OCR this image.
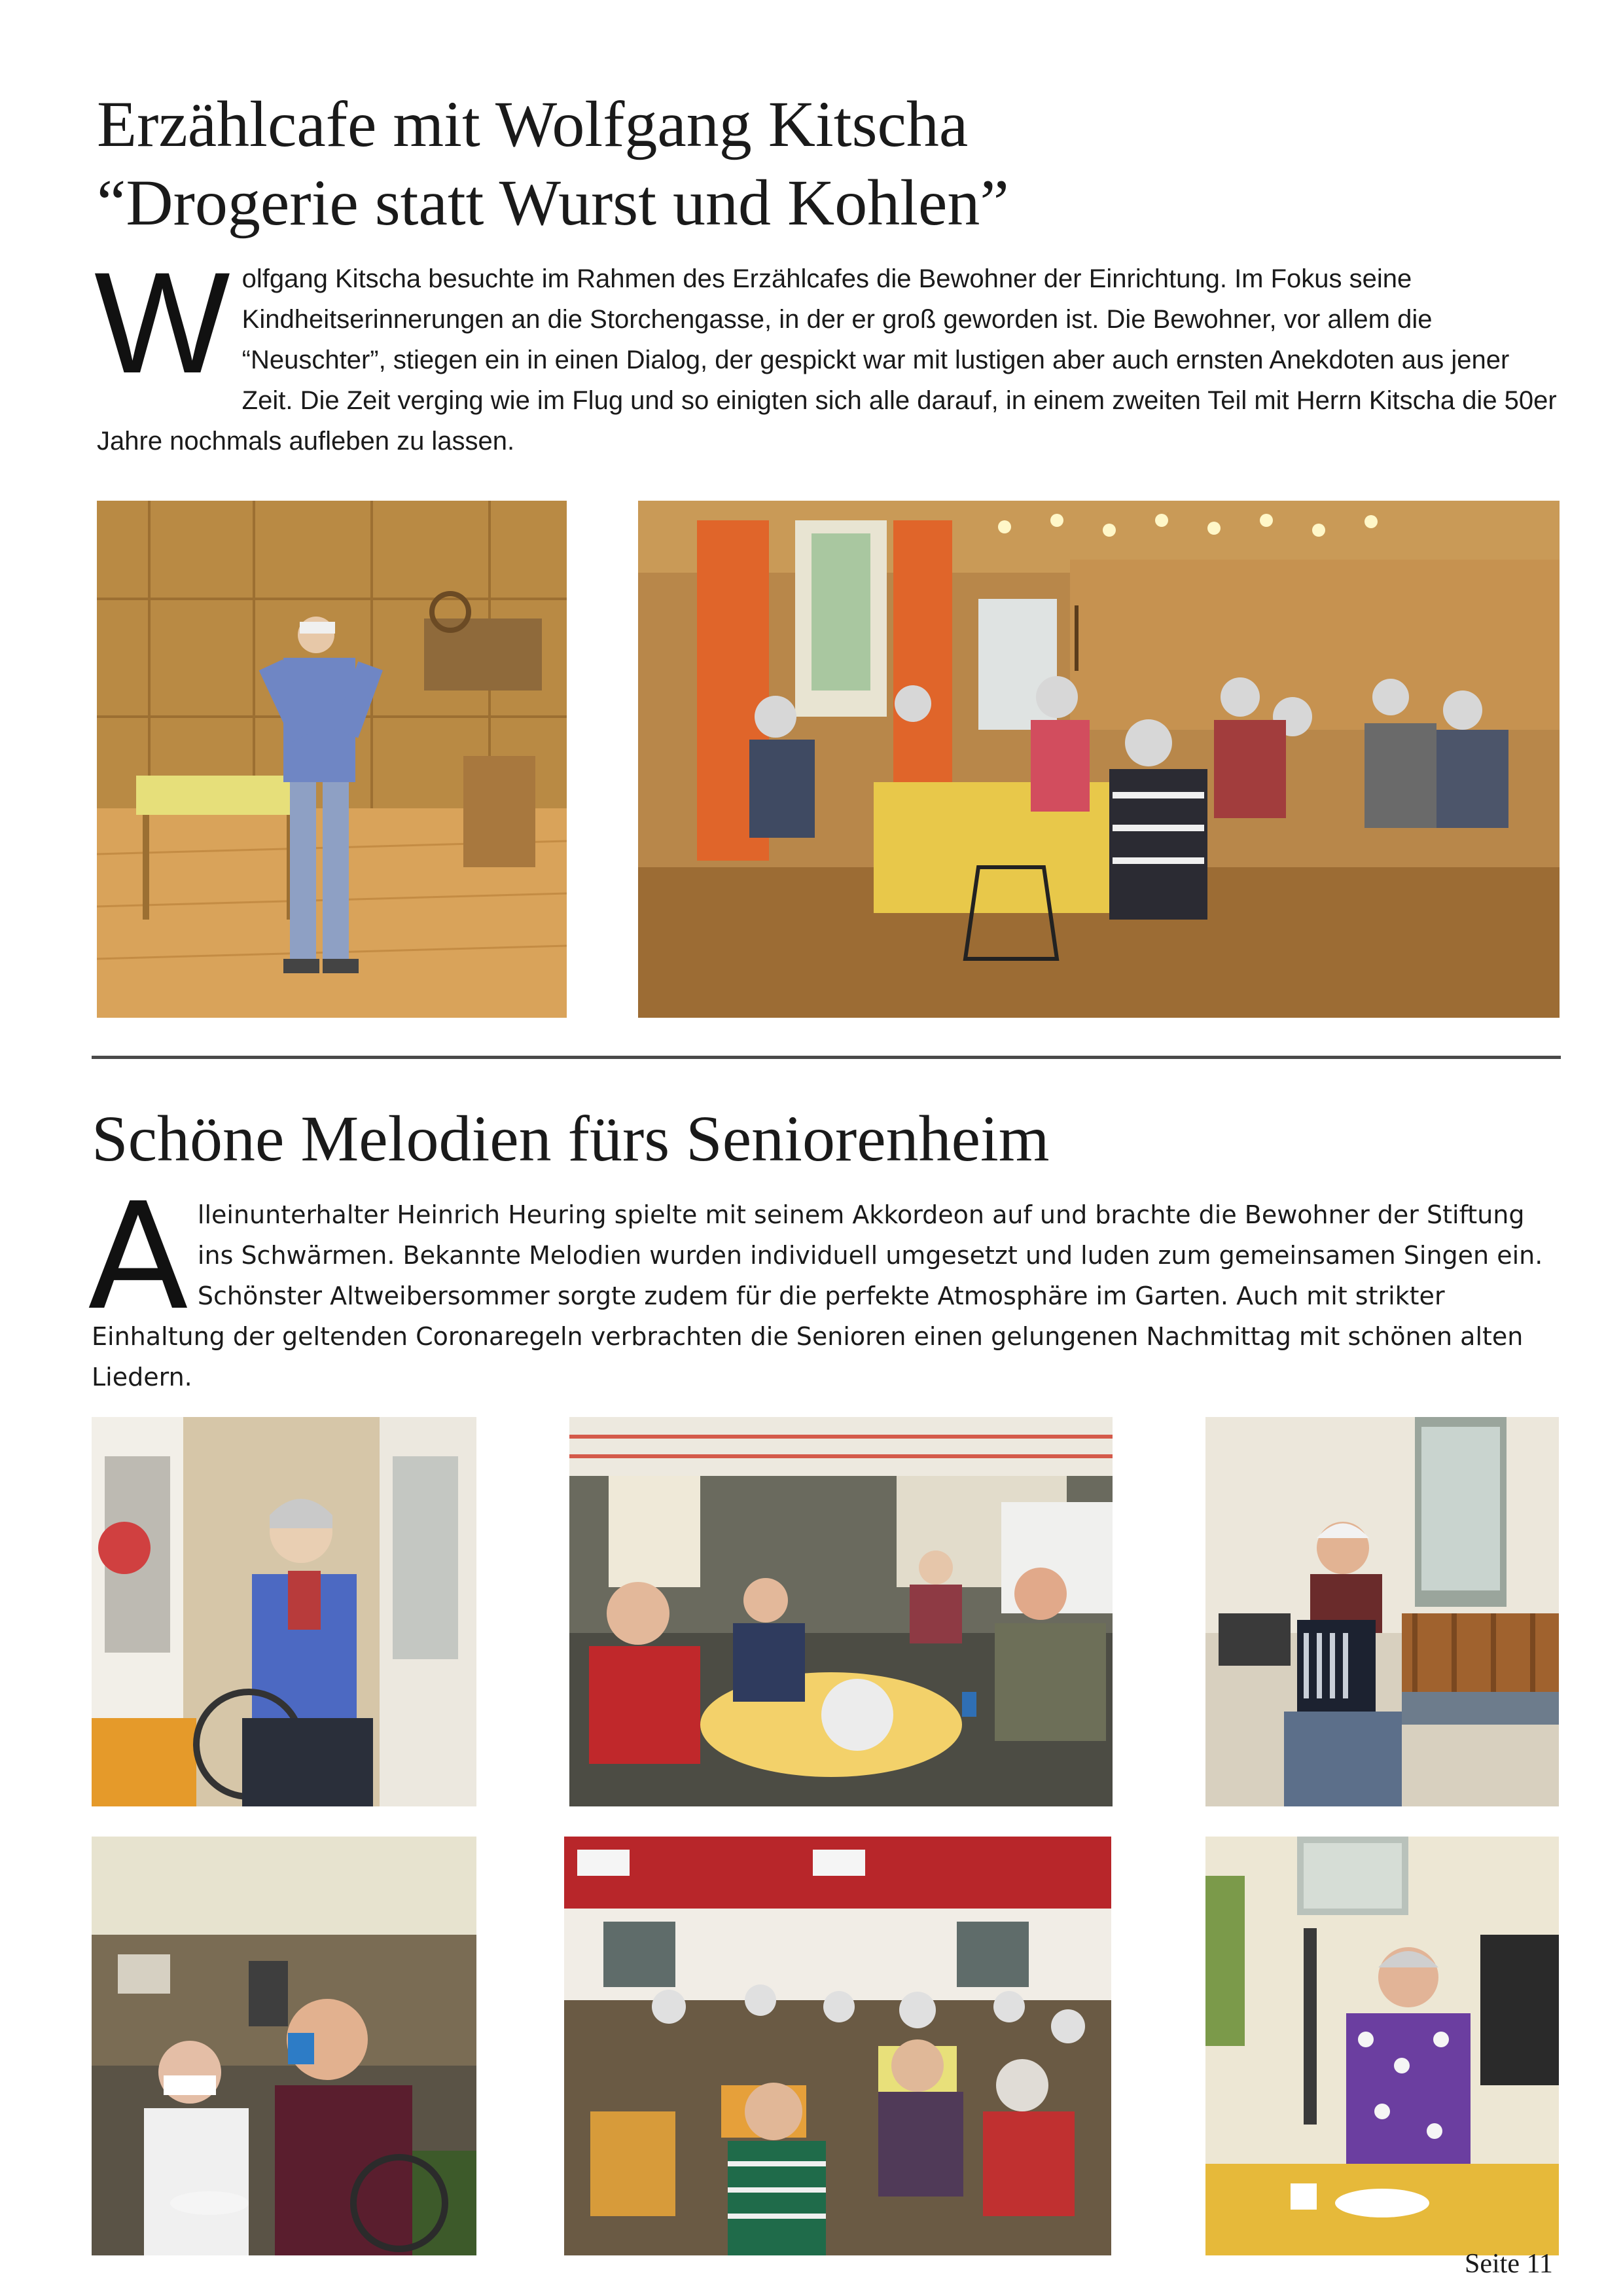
Erzählcafe mit Wolfgang Kitscha
“Drogerie statt Wurst und Kohlen”
W olfgang Kitscha besuchte im Rahmen des Erzählcafes die Bewohner der Einrichtung. Im Fokus seine Kindheitserinnerungen an die Storchengasse, in der er groß geworden ist. Die Bewohner, vor allem die “Neuschter”, stiegen ein in einen Dialog, der gespickt war mit lustigen aber auch ernsten Anekdoten aus jener Zeit. Die Zeit verging wie im Flug und so einigten sich alle darauf, in einem zweiten Teil mit Herrn Kitscha die 50er Jahre nochmals aufleben zu lassen.
Schöne Melodien fürs Seniorenheim
A lleinunterhalter Heinrich Heuring spielte mit seinem Akkordeon auf und brachte die Bewohner der Stiftung ins Schwärmen. Bekannte Melodien wurden individuell umgesetzt und luden zum gemeinsamen Singen ein. Schönster Altweibersommer sorgte zudem für die perfekte Atmosphäre im Garten. Auch mit strikter Einhaltung der geltenden Coronaregeln verbrachten die Senioren einen gelungenen Nachmittag mit schönen alten Liedern.
Seite 11
